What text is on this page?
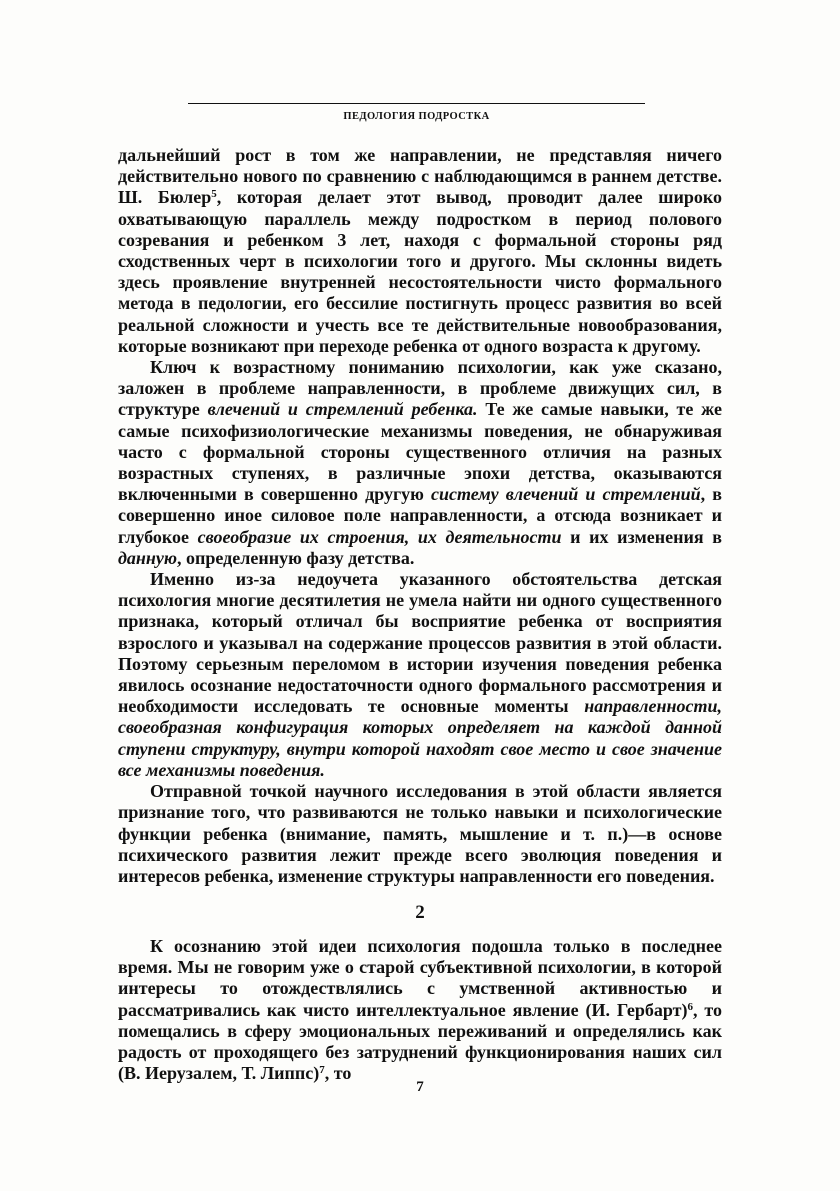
ПЕДОЛОГИЯ ПОДРОСТКА

дальнейший рост в том же направлении, не представляя ничего действительно нового по сравнению с наблюдающимся в раннем детстве. Ш. Бюлер$^5$, которая делает этот вывод, проводит далее широко охватывающую параллель между подростком в период полового созревания и ребенком 3 лет, находя с формальной стороны ряд сходственных черт в психологии того и другого. Мы склонны видеть здесь проявление внутренней несостоятельности чисто формального метода в педологии, его бессилие постигнуть процесс развития во всей реальной сложности и учесть все те действительные новообразования, которые возникают при переходе ребенка от одного возраста к другому.

Ключ к возрастному пониманию психологии, как уже сказано, заложен в проблеме направленности, в проблеме движущих сил, в структуре влечений и стремлений ребенка. Те же самые навыки, те же самые психофизиологические механизмы поведения, не обнаруживая часто с формальной стороны существенного отличия на разных возрастных ступенях, в различные эпохи детства, оказываются включенными в совершенно другую систему влечений и стремлений, в совершенно иное силовое поле направленности, а отсюда возникает и глубокое своеобразие их строения, их деятельности и их изменения в данную, определенную фазу детства.

Именно из-за недоучета указанного обстоятельства детская психология многие десятилетия не умела найти ни одного существенного признака, который отличал бы восприятие ребенка от восприятия взрослого и указывал на содержание процессов развития в этой области. Поэтому серьезным переломом в истории изучения поведения ребенка явилось осознание недостаточности одного формального рассмотрения и необходимости исследовать те основные моменты направленности, своеобразная конфигурация которых определяет на каждой данной ступени структуру, внутри которой находят свое место и свое значение все механизмы поведения.

Отправной точкой научного исследования в этой области является признание того, что развиваются не только навыки и психологические функции ребенка (внимание, память, мышление и т. п.)—в основе психического развития лежит прежде всего эволюция поведения и интересов ребенка, изменение структуры направленности его поведения.

2

К осознанию этой идеи психология подошла только в последнее время. Мы не говорим уже о старой субъективной психологии, в которой интересы то отождествлялись с умственной активностью и рассматривались как чисто интеллектуальное явление (И. Гербарт)$^6$, то помещались в сферу эмоциональных переживаний и определялись как радость от проходящего без затруднений функционирования наших сил (В. Иерузалем, Т. Липпс)$^7$, то

7
